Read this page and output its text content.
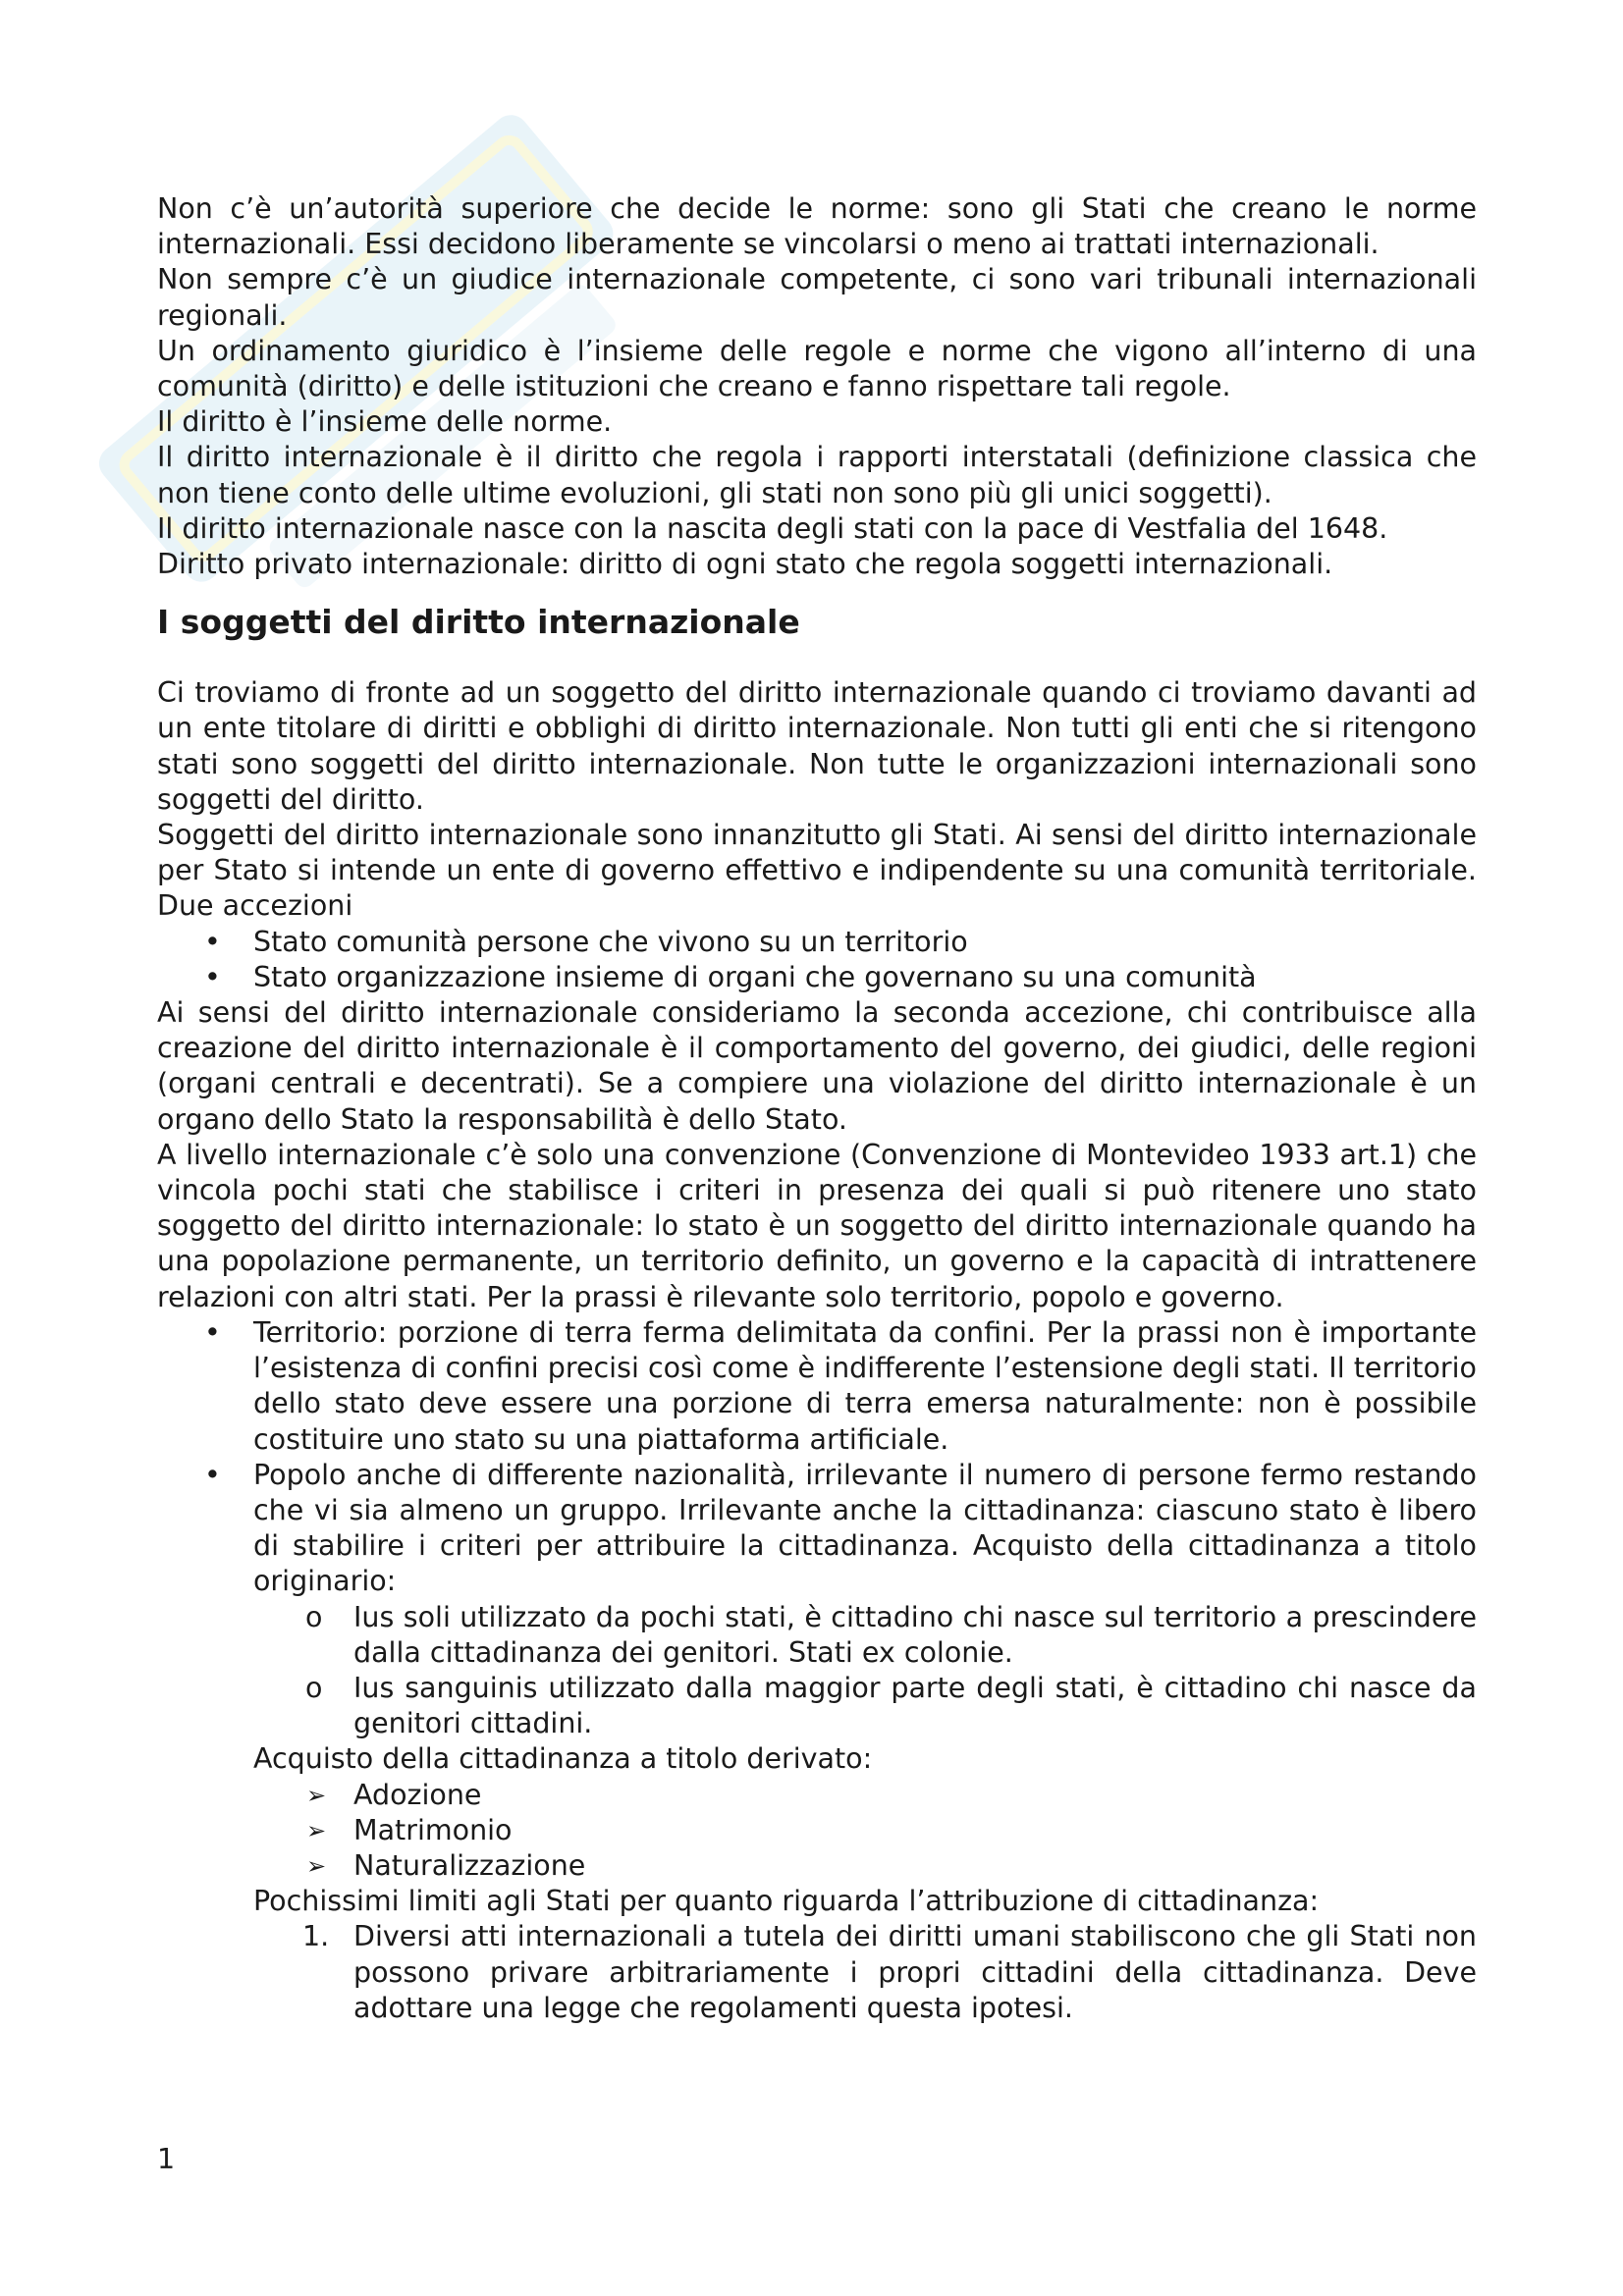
Non c’è un’autorità superiore che decide le norme: sono gli Stati che creano le norme internazionali. Essi decidono liberamente se vincolarsi o meno ai trattati internazionali.

Non sempre c’è un giudice internazionale competente, ci sono vari tribunali internazionali regionali.

Un ordinamento giuridico è l’insieme delle regole e norme che vigono all’interno di una comunità (diritto) e delle istituzioni che creano e fanno rispettare tali regole.

Il diritto è l’insieme delle norme.

Il diritto internazionale è il diritto che regola i rapporti interstatali (definizione classica che non tiene conto delle ultime evoluzioni, gli stati non sono più gli unici soggetti).

Il diritto internazionale nasce con la nascita degli stati con la pace di Vestfalia del 1648.

Diritto privato internazionale: diritto di ogni stato che regola soggetti internazionali.

I soggetti del diritto internazionale

Ci troviamo di fronte ad un soggetto del diritto internazionale quando ci troviamo davanti ad un ente titolare di diritti e obblighi di diritto internazionale. Non tutti gli enti che si ritengono stati sono soggetti del diritto internazionale. Non tutte le organizzazioni internazionali sono soggetti del diritto.

Soggetti del diritto internazionale sono innanzitutto gli Stati. Ai sensi del diritto internazionale per Stato si intende un ente di governo effettivo e indipendente su una comunità territoriale. Due accezioni

• Stato comunità persone che vivono su un territorio
• Stato organizzazione insieme di organi che governano su una comunità

Ai sensi del diritto internazionale consideriamo la seconda accezione, chi contribuisce alla creazione del diritto internazionale è il comportamento del governo, dei giudici, delle regioni (organi centrali e decentrati). Se a compiere una violazione del diritto internazionale è un organo dello Stato la responsabilità è dello Stato.

A livello internazionale c’è solo una convenzione (Convenzione di Montevideo 1933 art.1) che vincola pochi stati che stabilisce i criteri in presenza dei quali si può ritenere uno stato soggetto del diritto internazionale: lo stato è un soggetto del diritto internazionale quando ha una popolazione permanente, un territorio definito, un governo e la capacità di intrattenere relazioni con altri stati. Per la prassi è rilevante solo territorio, popolo e governo.

• Territorio: porzione di terra ferma delimitata da confini. Per la prassi non è importante l’esistenza di confini precisi così come è indifferente l’estensione degli stati. Il territorio dello stato deve essere una porzione di terra emersa naturalmente: non è possibile costituire uno stato su una piattaforma artificiale.
• Popolo anche di differente nazionalità, irrilevante il numero di persone fermo restando che vi sia almeno un gruppo. Irrilevante anche la cittadinanza: ciascuno stato è libero di stabilire i criteri per attribuire la cittadinanza. Acquisto della cittadinanza a titolo originario:
o Ius soli utilizzato da pochi stati, è cittadino chi nasce sul territorio a prescindere dalla cittadinanza dei genitori. Stati ex colonie.
o Ius sanguinis utilizzato dalla maggior parte degli stati, è cittadino chi nasce da genitori cittadini.

Acquisto della cittadinanza a titolo derivato:

➢ Adozione
➢ Matrimonio
➢ Naturalizzazione

Pochissimi limiti agli Stati per quanto riguarda l’attribuzione di cittadinanza:

1. Diversi atti internazionali a tutela dei diritti umani stabiliscono che gli Stati non possono privare arbitrariamente i propri cittadini della cittadinanza. Deve adottare una legge che regolamenti questa ipotesi.
1
